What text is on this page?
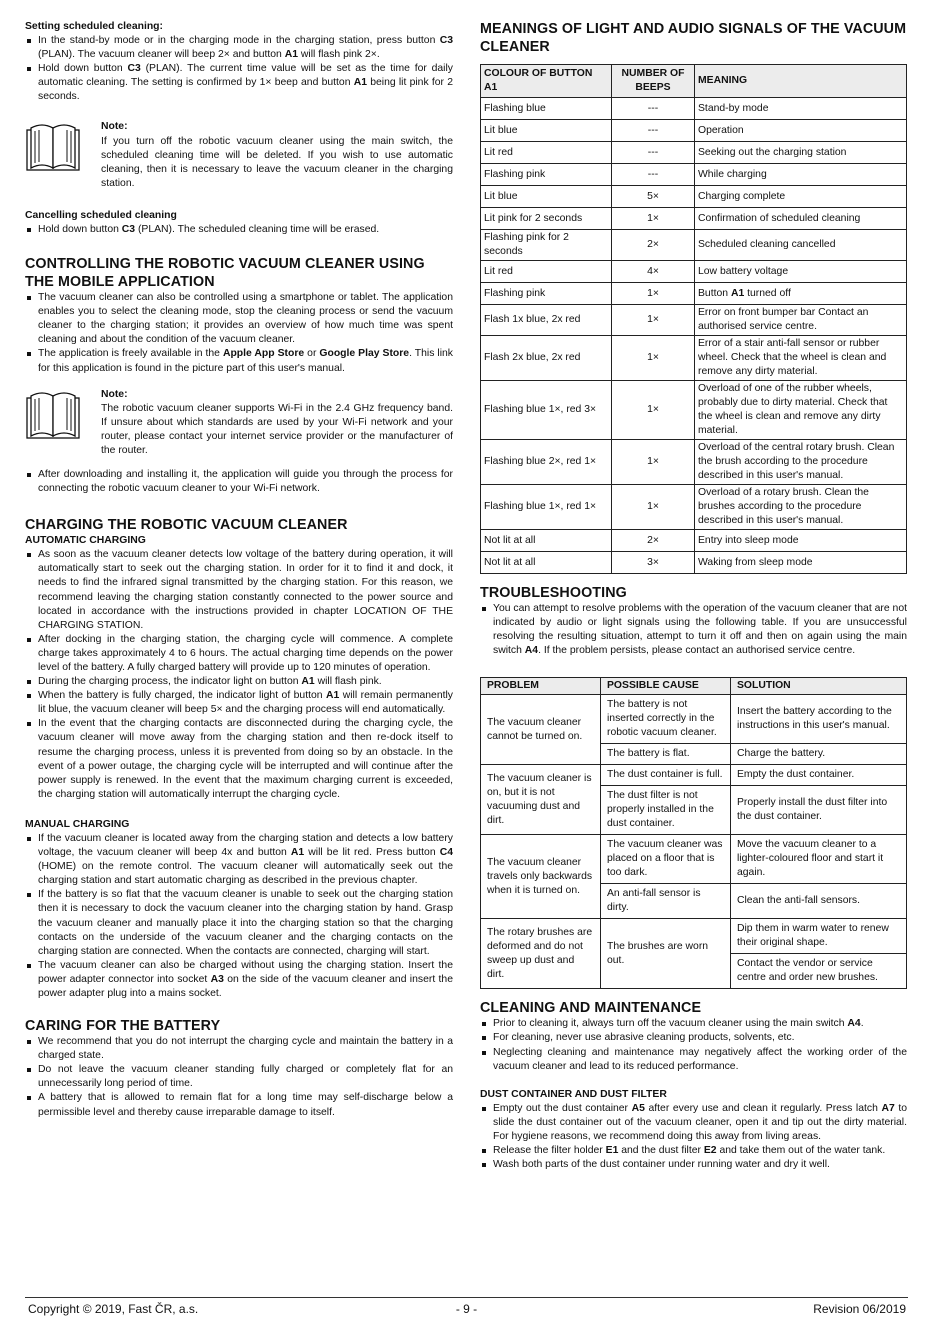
Setting scheduled cleaning:
In the stand-by mode or in the charging mode in the charging station, press button C3 (PLAN). The vacuum cleaner will beep 2× and button A1 will flash pink 2×.
Hold down button C3 (PLAN). The current time value will be set as the time for daily automatic cleaning. The setting is confirmed by 1× beep and button A1 being lit pink for 2 seconds.
Note:

If you turn off the robotic vacuum cleaner using the main switch, the scheduled cleaning time will be deleted. If you wish to use automatic cleaning, then it is necessary to leave the vacuum cleaner in the charging station.

Cancelling scheduled cleaning
Hold down button C3 (PLAN). The scheduled cleaning time will be erased.
CONTROLLING THE ROBOTIC VACUUM CLEANER USING THE MOBILE APPLICATION
The vacuum cleaner can also be controlled using a smartphone or tablet. The application enables you to select the cleaning mode, stop the cleaning process or send the vacuum cleaner to the charging station; it provides an overview of how much time was spent cleaning and about the condition of the vacuum cleaner.
The application is freely available in the Apple App Store or Google Play Store. This link for this application is found in the picture part of this user's manual.
Note:

The robotic vacuum cleaner supports Wi-Fi in the 2.4 GHz frequency band. If unsure about which standards are used by your Wi-Fi network and your router, please contact your internet service provider or the manufacturer of the router.

After downloading and installing it, the application will guide you through the process for connecting the robotic vacuum cleaner to your Wi-Fi network.
CHARGING THE ROBOTIC VACUUM CLEANER
AUTOMATIC CHARGING
As soon as the vacuum cleaner detects low voltage of the battery during operation, it will automatically start to seek out the charging station. In order for it to find it and dock, it needs to find the infrared signal transmitted by the charging station. For this reason, we recommend leaving the charging station constantly connected to the power source and located in accordance with the instructions provided in chapter LOCATION OF THE CHARGING STATION.
After docking in the charging station, the charging cycle will commence. A complete charge takes approximately 4 to 6 hours. The actual charging time depends on the power level of the battery. A fully charged battery will provide up to 120 minutes of operation.
During the charging process, the indicator light on button A1 will flash pink.
When the battery is fully charged, the indicator light of button A1 will remain permanently lit blue, the vacuum cleaner will beep 5× and the charging process will end automatically.
In the event that the charging contacts are disconnected during the charging cycle, the vacuum cleaner will move away from the charging station and then re-dock itself to resume the charging process, unless it is prevented from doing so by an obstacle. In the event of a power outage, the charging cycle will be interrupted and will continue after the power supply is renewed. In the event that the maximum charging current is exceeded, the charging station will automatically interrupt the charging cycle.
MANUAL CHARGING
If the vacuum cleaner is located away from the charging station and detects a low battery voltage, the vacuum cleaner will beep 4x and button A1 will be lit red. Press button C4 (HOME) on the remote control. The vacuum cleaner will automatically seek out the charging station and start automatic charging as described in the previous chapter.
If the battery is so flat that the vacuum cleaner is unable to seek out the charging station then it is necessary to dock the vacuum cleaner into the charging station by hand. Grasp the vacuum cleaner and manually place it into the charging station so that the charging contacts on the underside of the vacuum cleaner and the charging contacts on the charging station are connected. When the contacts are connected, charging will start.
The vacuum cleaner can also be charged without using the charging station. Insert the power adapter connector into socket A3 on the side of the vacuum cleaner and insert the power adapter plug into a mains socket.
CARING FOR THE BATTERY
We recommend that you do not interrupt the charging cycle and maintain the battery in a charged state.
Do not leave the vacuum cleaner standing fully charged or completely flat for an unnecessarily long period of time.
A battery that is allowed to remain flat for a long time may self-discharge below a permissible level and thereby cause irreparable damage to itself.
MEANINGS OF LIGHT AND AUDIO SIGNALS OF THE VACUUM CLEANER
COLOUR OF BUTTON A1	NUMBER OF BEEPS	MEANING
Flashing blue	---	Stand-by mode
Lit blue	---	Operation
Lit red	---	Seeking out the charging station
Flashing pink	---	While charging
Lit blue	5×	Charging complete
Lit pink for 2 seconds	1×	Confirmation of scheduled cleaning
Flashing pink for 2 seconds	2×	Scheduled cleaning cancelled
Lit red	4×	Low battery voltage
Flashing pink	1×	Button A1 turned off
Flash 1x blue, 2x red	1×	Error on front bumper bar Contact an authorised service centre.
Flash 2x blue, 2x red	1×	Error of a stair anti-fall sensor or rubber wheel. Check that the wheel is clean and remove any dirty material.
Flashing blue 1×, red 3×	1×	Overload of one of the rubber wheels, probably due to dirty material. Check that the wheel is clean and remove any dirty material.
Flashing blue 2×, red 1×	1×	Overload of the central rotary brush. Clean the brush according to the procedure described in this user's manual.
Flashing blue 1×, red 1×	1×	Overload of a rotary brush. Clean the brushes according to the procedure described in this user's manual.
Not lit at all	2×	Entry into sleep mode
Not lit at all	3×	Waking from sleep mode
TROUBLESHOOTING
You can attempt to resolve problems with the operation of the vacuum cleaner that are not indicated by audio or light signals using the following table. If you are unsuccessful resolving the resulting situation, attempt to turn it off and then on again using the main switch A4. If the problem persists, please contact an authorised service centre.
PROBLEM	POSSIBLE CAUSE	SOLUTION
The vacuum cleaner cannot be turned on.	The battery is not inserted correctly in the robotic vacuum cleaner.	Insert the battery according to the instructions in this user's manual.
	The battery is flat.	Charge the battery.
The vacuum cleaner is on, but it is not vacuuming dust and dirt.	The dust container is full.	Empty the dust container.
	The dust filter is not properly installed in the dust container.	Properly install the dust filter into the dust container.
The vacuum cleaner travels only backwards when it is turned on.	The vacuum cleaner was placed on a floor that is too dark.	Move the vacuum cleaner to a lighter-coloured floor and start it again.
	An anti-fall sensor is dirty.	Clean the anti-fall sensors.
The rotary brushes are deformed and do not sweep up dust and dirt.	The brushes are worn out.	Dip them in warm water to renew their original shape.
		Contact the vendor or service centre and order new brushes.
CLEANING AND MAINTENANCE
Prior to cleaning it, always turn off the vacuum cleaner using the main switch A4.
For cleaning, never use abrasive cleaning products, solvents, etc.
Neglecting cleaning and maintenance may negatively affect the working order of the vacuum cleaner and lead to its reduced performance.
DUST CONTAINER AND DUST FILTER
Empty out the dust container A5 after every use and clean it regularly. Press latch A7 to slide the dust container out of the vacuum cleaner, open it and tip out the dirty material. For hygiene reasons, we recommend doing this away from living areas.
Release the filter holder E1 and the dust filter E2 and take them out of the water tank.
Wash both parts of the dust container under running water and dry it well.
Copyright © 2019, Fast ČR, a.s.	- 9 -	Revision 06/2019
